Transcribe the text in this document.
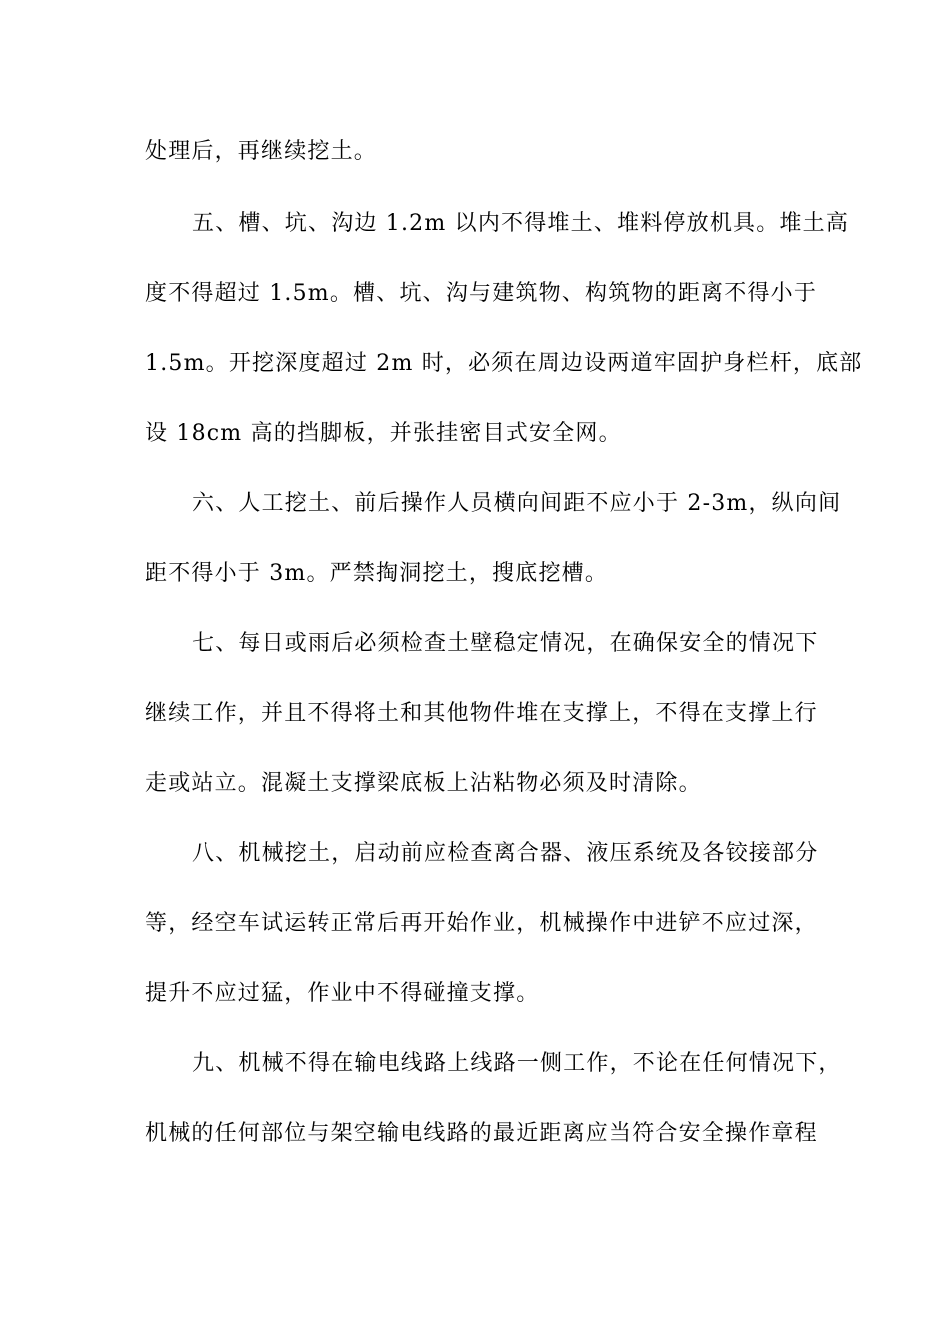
处理后，再继续挖土。

五、槽、坑、沟边 1.2m 以内不得堆土、堆料停放机具。堆土高

度不得超过 1.5m。槽、坑、沟与建筑物、构筑物的距离不得小于

1.5m。开挖深度超过 2m 时，必须在周边设两道牢固护身栏杆，底部

设 18cm 高的挡脚板，并张挂密目式安全网。

六、人工挖土、前后操作人员横向间距不应小于 2-3m，纵向间

距不得小于 3m。严禁掏洞挖土，搜底挖槽。

七、每日或雨后必须检查土壁稳定情况，在确保安全的情况下

继续工作，并且不得将土和其他物件堆在支撑上，不得在支撑上行

走或站立。混凝土支撑梁底板上沾粘物必须及时清除。

八、机械挖土，启动前应检查离合器、液压系统及各铰接部分

等，经空车试运转正常后再开始作业，机械操作中进铲不应过深，

提升不应过猛，作业中不得碰撞支撑。

九、机械不得在输电线路上线路一侧工作，不论在任何情况下，

机械的任何部位与架空输电线路的最近距离应当符合安全操作章程
